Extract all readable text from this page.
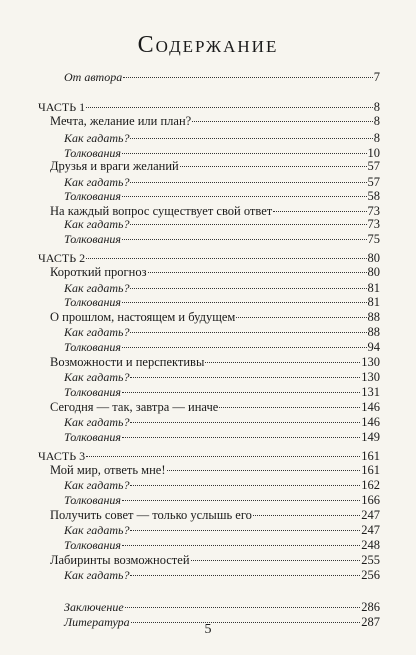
Содержание
От автора	7
ЧАСТЬ 1	8
Мечта, желание или план?	8
Как гадать?	8
Толкования	10
Друзья и враги желаний	57
Как гадать?	57
Толкования	58
На каждый вопрос существует свой ответ	73
Как гадать?	73
Толкования	75
ЧАСТЬ 2	80
Короткий прогноз	80
Как гадать?	81
Толкования	81
О прошлом, настоящем и будущем	88
Как гадать?	88
Толкования	94
Возможности и перспективы	130
Как гадать?	130
Толкования	131
Сегодня — так, завтра — иначе	146
Как гадать?	146
Толкования	149
ЧАСТЬ 3	161
Мой мир, ответь мне!	161
Как гадать?	162
Толкования	166
Получить совет — только услышь его	247
Как гадать?	247
Толкования	248
Лабиринты возможностей	255
Как гадать?	256
Заключение	286
Литература	287
5
